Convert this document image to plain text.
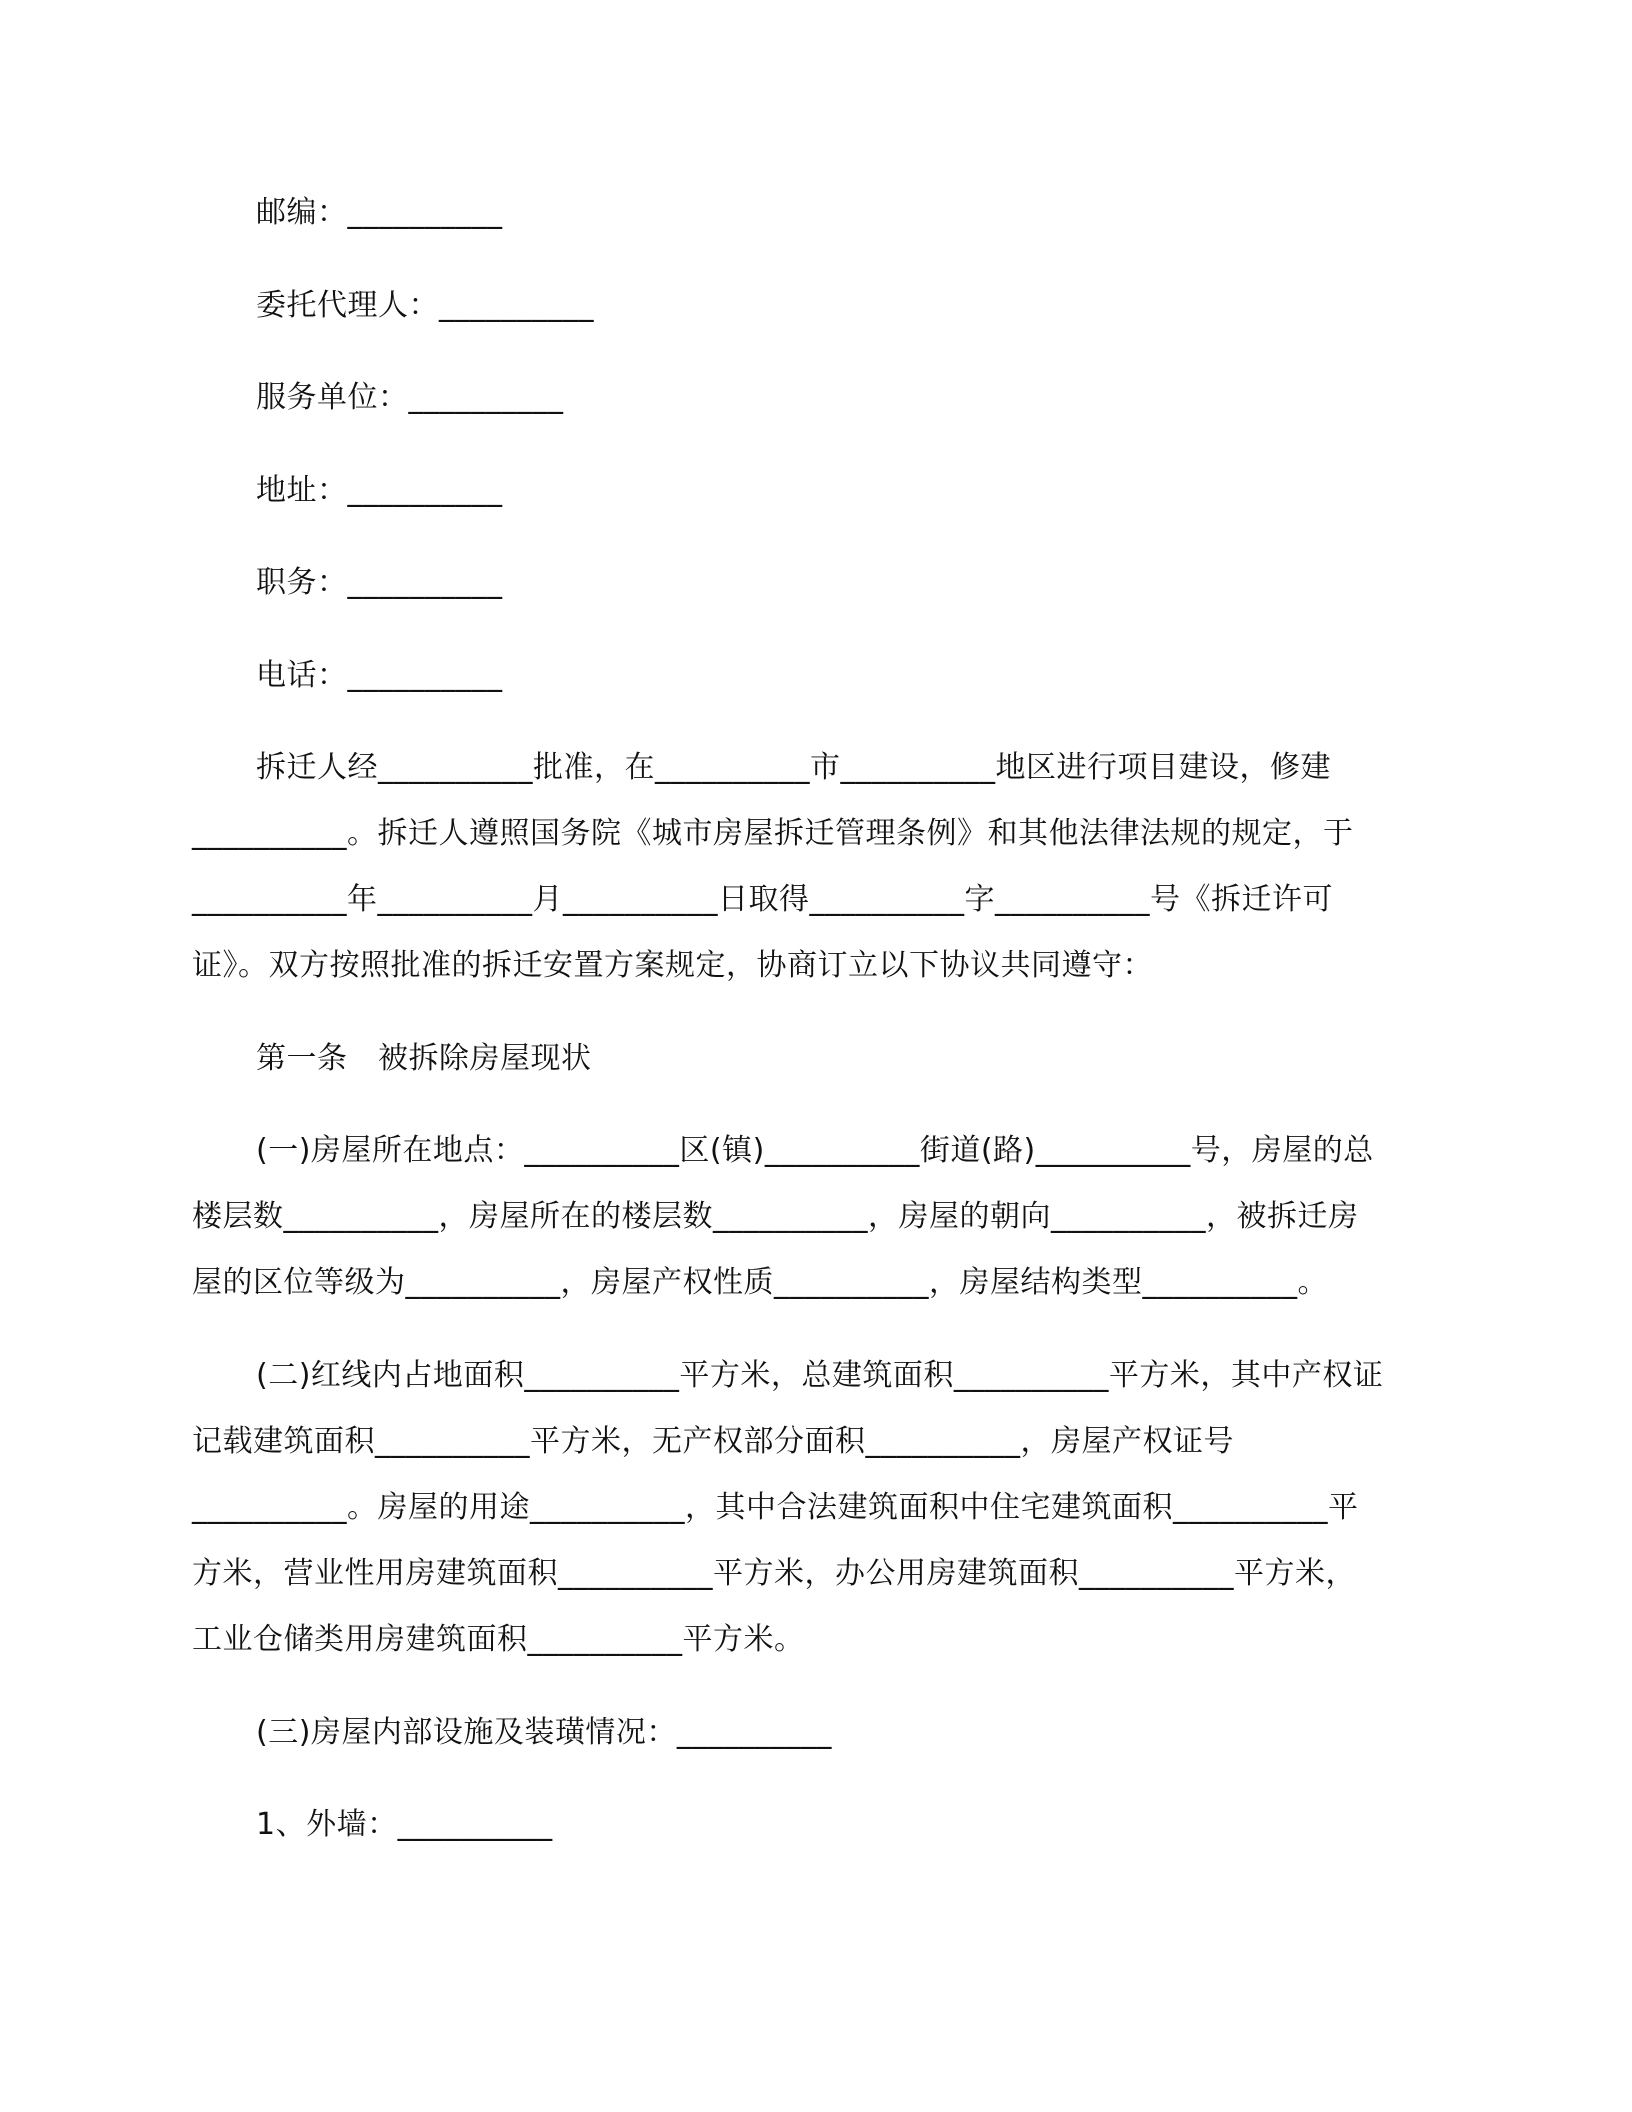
邮编：__________
委托代理人：__________
服务单位：__________
地址：__________
职务：__________
电话：__________
拆迁人经__________批准，在__________市__________地区进行项目建设，修建
__________。拆迁人遵照国务院《城市房屋拆迁管理条例》和其他法律法规的规定，于
__________年__________月__________日取得__________字__________号《拆迁许可
证》。双方按照批准的拆迁安置方案规定，协商订立以下协议共同遵守：
第一条　被拆除房屋现状
(一)房屋所在地点：__________区(镇)__________街道(路)__________号，房屋的总
楼层数__________，房屋所在的楼层数__________，房屋的朝向__________，被拆迁房
屋的区位等级为__________，房屋产权性质__________，房屋结构类型__________。
(二)红线内占地面积__________平方米，总建筑面积__________平方米，其中产权证
记载建筑面积__________平方米，无产权部分面积__________，房屋产权证号
__________。房屋的用途__________，其中合法建筑面积中住宅建筑面积__________平
方米，营业性用房建筑面积__________平方米，办公用房建筑面积__________平方米，
工业仓储类用房建筑面积__________平方米。
(三)房屋内部设施及装璜情况：__________
1、外墙：__________
